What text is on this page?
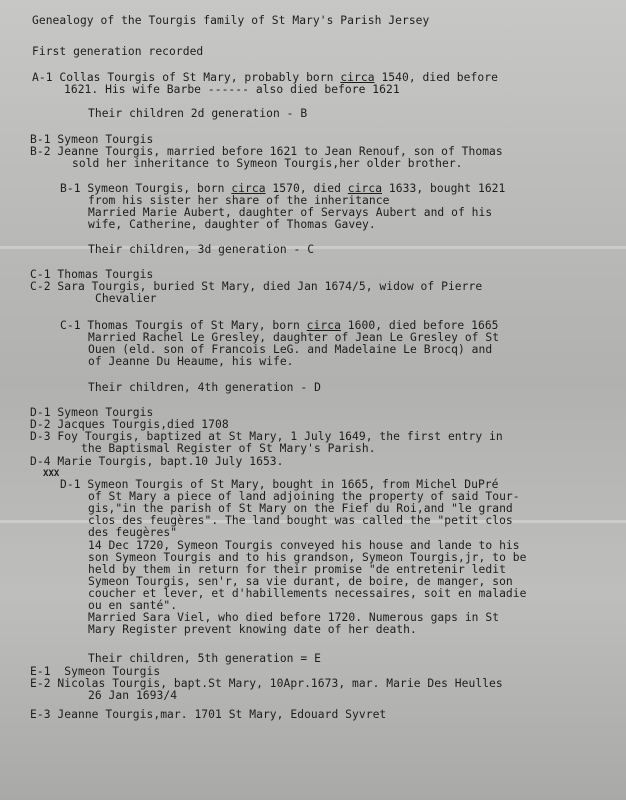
Genealogy of the Tourgis family of St Mary's Parish Jersey
First generation recorded
A-1 Collas Tourgis of St Mary, probably born circa 1540, died before
1621. His wife Barbe ------ also died before 1621
Their children 2d generation - B
B-1 Symeon Tourgis
B-2 Jeanne Tourgis, married before 1621 to Jean Renouf, son of Thomas
sold her inheritance to Symeon Tourgis,her older brother.
B-1 Symeon Tourgis, born circa 1570, died circa 1633, bought 1621
from his sister her share of the inheritance
Married Marie Aubert, daughter of Servays Aubert and of his
wife, Catherine, daughter of Thomas Gavey.
Their children, 3d generation - C
C-1 Thomas Tourgis
C-2 Sara Tourgis, buried St Mary, died Jan 1674/5, widow of Pierre
Chevalier
C-1 Thomas Tourgis of St Mary, born circa 1600, died before 1665
Married Rachel Le Gresley, daughter of Jean Le Gresley of St
Ouen (eld. son of Francois LeG. and Madelaine Le Brocq) and
of Jeanne Du Heaume, his wife.
Their children, 4th generation - D
D-1 Symeon Tourgis
D-2 Jacques Tourgis,died 1708
D-3 Foy Tourgis, baptized at St Mary, 1 July 1649, the first entry in
the Baptismal Register of St Mary's Parish.
D-4 Marie Tourgis, bapt.10 July 1653.
XXX
D-1 Symeon Tourgis of St Mary, bought in 1665, from Michel DuPré
of St Mary a piece of land adjoining the property of said Tour-
gis,"in the parish of St Mary on the Fief du Roi,and "le grand
clos des feugères". The land bought was called the "petit clos
des feugères"
14 Dec 1720, Symeon Tourgis conveyed his house and lande to his
son Symeon Tourgis and to his grandson, Symeon Tourgis,jr, to be
held by them in return for their promise "de entretenir ledit
Symeon Tourgis, sen'r, sa vie durant, de boire, de manger, son
coucher et lever, et d'habillements necessaires, soit en maladie
ou en santé".
Married Sara Viel, who died before 1720. Numerous gaps in St
Mary Register prevent knowing date of her death.
Their children, 5th generation = E
E-1 Symeon Tourgis
E-2 Nicolas Tourgis, bapt.St Mary, 10Apr.1673, mar. Marie Des Heulles
26 Jan 1693/4
E-3 Jeanne Tourgis,mar. 1701 St Mary, Edouard Syvret
